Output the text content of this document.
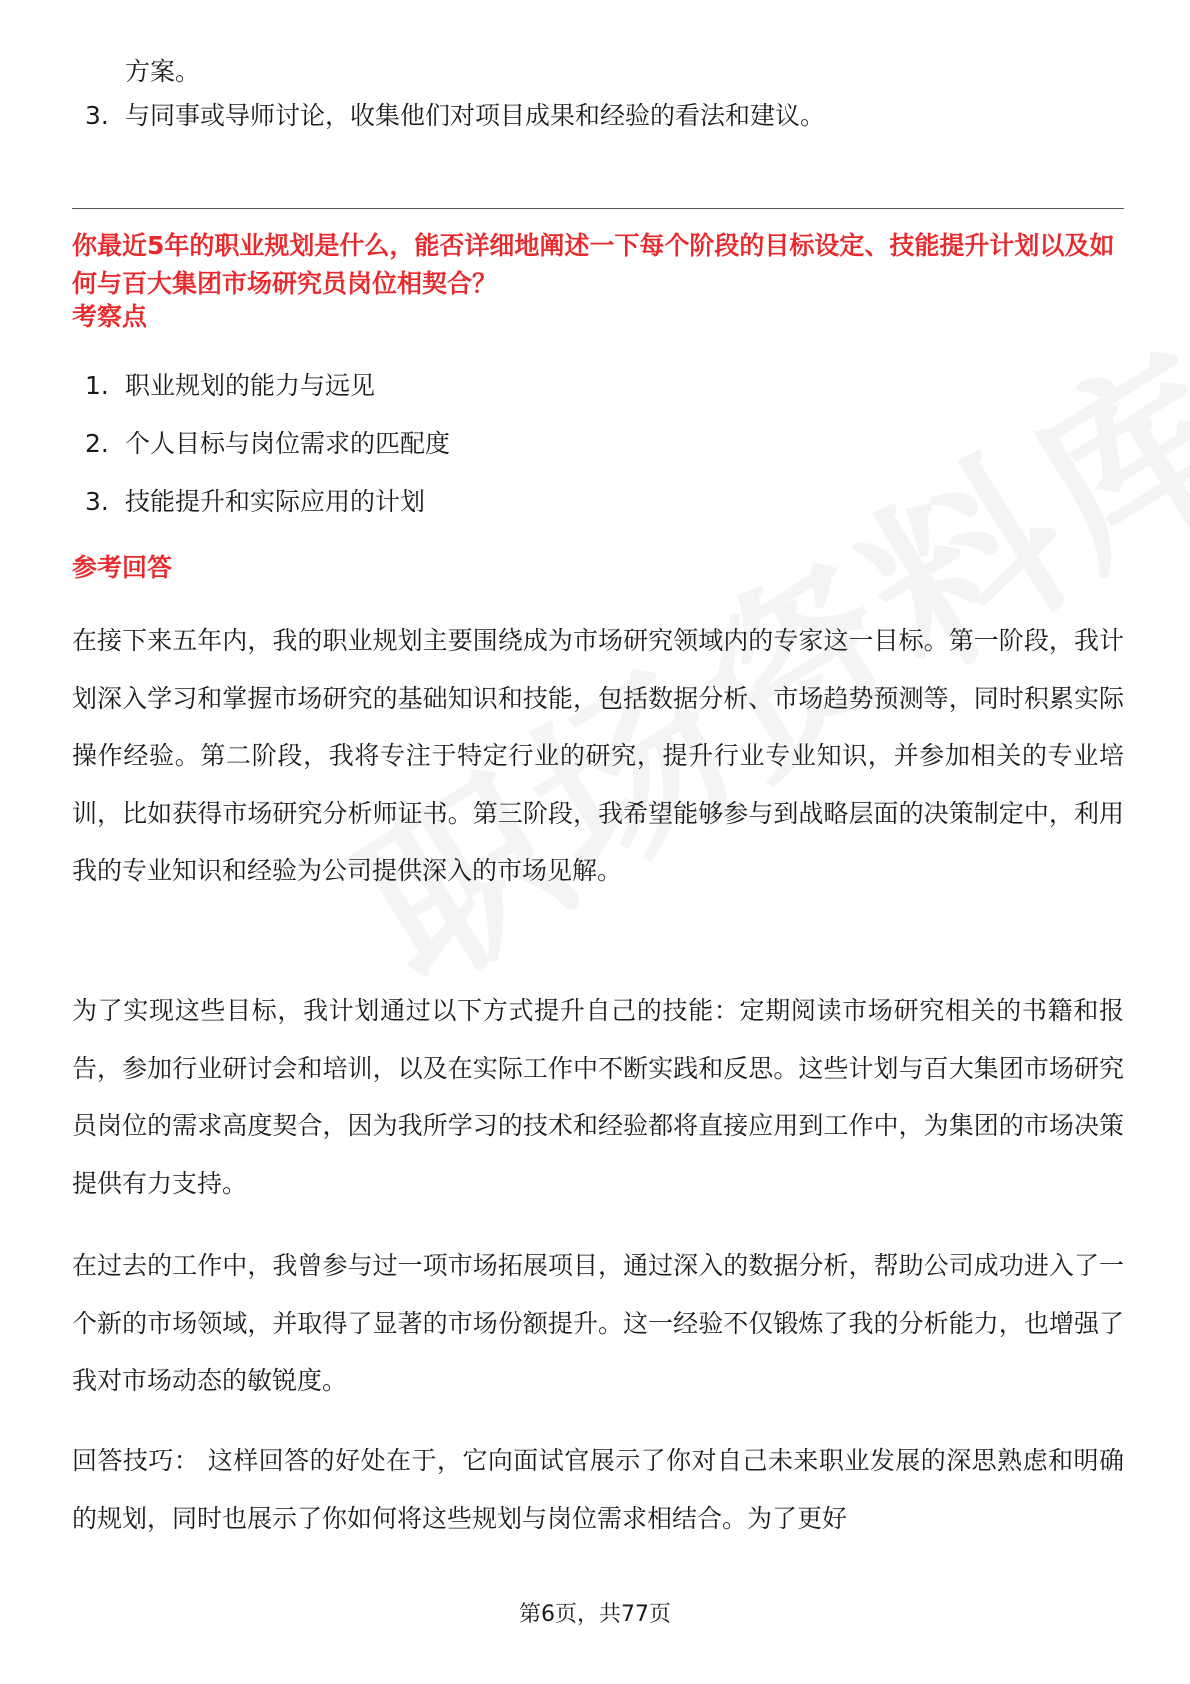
方案。
3. 与同事或导师讨论，收集他们对项目成果和经验的看法和建议。
你最近5年的职业规划是什么，能否详细地阐述一下每个阶段的目标设定、技能提升计划以及如何与百大集团市场研究员岗位相契合？
考察点
1. 职业规划的能力与远见
2. 个人目标与岗位需求的匹配度
3. 技能提升和实际应用的计划
参考回答

在接下来五年内，我的职业规划主要围绕成为市场研究领域内的专家这一目标。第一阶段，我计划深入学习和掌握市场研究的基础知识和技能，包括数据分析、市场趋势预测等，同时积累实际操作经验。第二阶段，我将专注于特定行业的研究，提升行业专业知识，并参加相关的专业培训，比如获得市场研究分析师证书。第三阶段，我希望能够参与到战略层面的决策制定中，利用我的专业知识和经验为公司提供深入的市场见解。

为了实现这些目标，我计划通过以下方式提升自己的技能：定期阅读市场研究相关的书籍和报告，参加行业研讨会和培训，以及在实际工作中不断实践和反思。这些计划与百大集团市场研究员岗位的需求高度契合，因为我所学习的技术和经验都将直接应用到工作中，为集团的市场决策提供有力支持。

在过去的工作中，我曾参与过一项市场拓展项目，通过深入的数据分析，帮助公司成功进入了一个新的市场领域，并取得了显著的市场份额提升。这一经验不仅锻炼了我的分析能力，也增强了我对市场动态的敏锐度。

回答技巧： 这样回答的好处在于，它向面试官展示了你对自己未来职业发展的深思熟虑和明确的规划，同时也展示了你如何将这些规划与岗位需求相结合。为了更好

第6页，共77页
